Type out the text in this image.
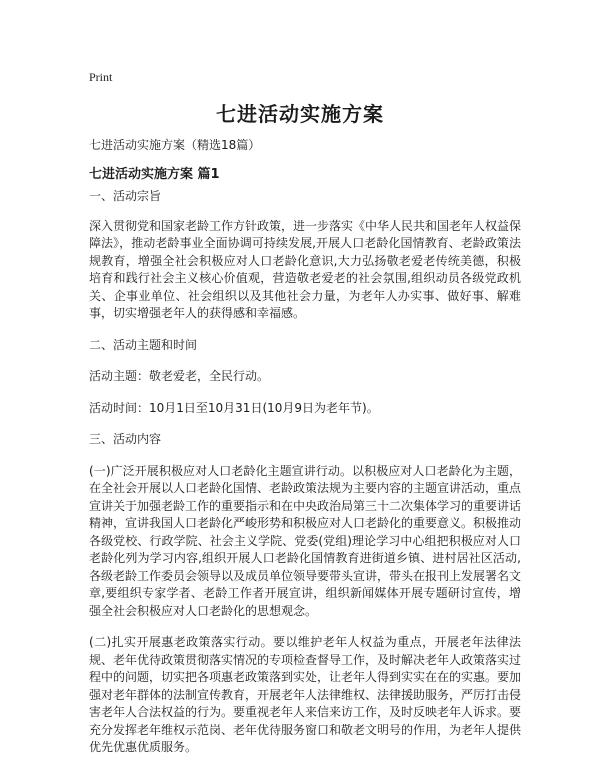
Print
七进活动实施方案
七进活动实施方案（精选18篇）
七进活动实施方案 篇1

一、活动宗旨

深入贯彻党和国家老龄工作方针政策，进一步落实《中华人民共和国老年人权益保障法》，推动老龄事业全面协调可持续发展,开展人口老龄化国情教育、老龄政策法规教育，增强全社会积极应对人口老龄化意识,大力弘扬敬老爱老传统美德，积极培育和践行社会主义核心价值观，营造敬老爱老的社会氛围,组织动员各级党政机关、企事业单位、社会组织以及其他社会力量，为老年人办实事、做好事、解难事，切实增强老年人的获得感和幸福感。

二、活动主题和时间

活动主题：敬老爱老，全民行动。

活动时间：10月1日至10月31日(10月9日为老年节)。

三、活动内容

(一)广泛开展积极应对人口老龄化主题宣讲行动。以积极应对人口老龄化为主题，在全社会开展以人口老龄化国情、老龄政策法规为主要内容的主题宣讲活动，重点宣讲关于加强老龄工作的重要指示和在中央政治局第三十二次集体学习的重要讲话精神，宣讲我国人口老龄化严峻形势和积极应对人口老龄化的重要意义。积极推动各级党校、行政学院、社会主义学院、党委(党组)理论学习中心组把积极应对人口老龄化列为学习内容,组织开展人口老龄化国情教育进街道乡镇、进村居社区活动,各级老龄工作委员会领导以及成员单位领导要带头宣讲，带头在报刊上发展署名文章,要组织专家学者、老龄工作者开展宣讲，组织新闻媒体开展专题研讨宣传，增强全社会积极应对人口老龄化的思想观念。

(二)扎实开展惠老政策落实行动。要以维护老年人权益为重点，开展老年法律法规、老年优待政策贯彻落实情况的专项检查督导工作，及时解决老年人政策落实过程中的问题，切实把各项惠老政策落到实处，让老年人得到实实在在的实惠。要加强对老年群体的法制宣传教育，开展老年人法律维权、法律援助服务，严厉打击侵害老年人合法权益的行为。要重视老年人来信来访工作，及时反映老年人诉求。要充分发挥老年维权示范岗、老年优待服务窗口和敬老文明号的作用，为老年人提供优先优惠优质服务。
